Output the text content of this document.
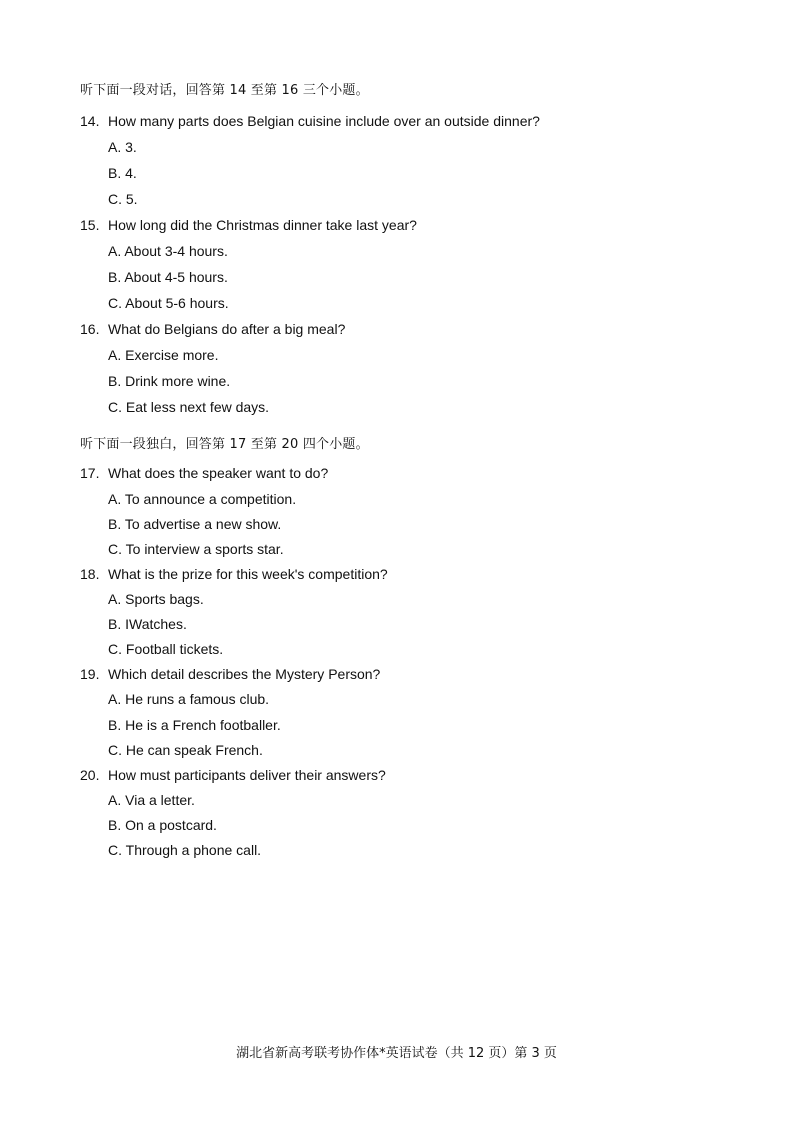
听下面一段对话，回答第 14 至第 16 三个小题。
14. How many parts does Belgian cuisine include over an outside dinner?
A. 3.
B. 4.
C. 5.
15. How long did the Christmas dinner take last year?
A. About 3-4 hours.
B. About 4-5 hours.
C. About 5-6 hours.
16. What do Belgians do after a big meal?
A. Exercise more.
B. Drink more wine.
C. Eat less next few days.
听下面一段独白，回答第 17 至第 20 四个小题。
17. What does the speaker want to do?
A. To announce a competition.
B. To advertise a new show.
C. To interview a sports star.
18. What is the prize for this week's competition?
A. Sports bags.
B. IWatches.
C. Football tickets.
19. Which detail describes the Mystery Person?
A. He runs a famous club.
B. He is a French footballer.
C. He can speak French.
20. How must participants deliver their answers?
A. Via a letter.
B. On a postcard.
C. Through a phone call.
湖北省新高考联考协作体*英语试卷（共 12 页）第 3 页
